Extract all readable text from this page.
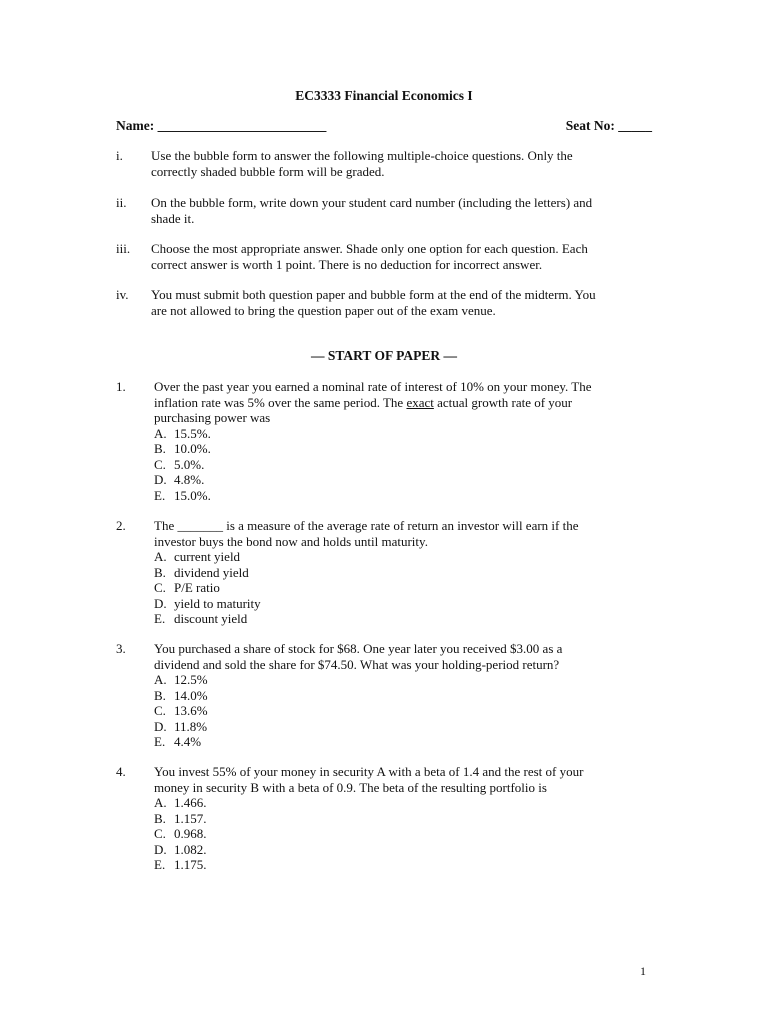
EC3333 Financial Economics I
Name: _________________________	Seat No: _____
i. Use the bubble form to answer the following multiple-choice questions. Only the
correctly shaded bubble form will be graded.
ii. On the bubble form, write down your student card number (including the letters) and
shade it.
iii. Choose the most appropriate answer. Shade only one option for each question. Each
correct answer is worth 1 point. There is no deduction for incorrect answer.
iv. You must submit both question paper and bubble form at the end of the midterm. You
are not allowed to bring the question paper out of the exam venue.
— START OF PAPER —
1. Over the past year you earned a nominal rate of interest of 10% on your money. The
inflation rate was 5% over the same period. The exact actual growth rate of your
purchasing power was
A. 15.5%.
B. 10.0%.
C. 5.0%.
D. 4.8%.
E. 15.0%.
2. The _______ is a measure of the average rate of return an investor will earn if the
investor buys the bond now and holds until maturity.
A. current yield
B. dividend yield
C. P/E ratio
D. yield to maturity
E. discount yield
3. You purchased a share of stock for $68. One year later you received $3.00 as a
dividend and sold the share for $74.50. What was your holding-period return?
A. 12.5%
B. 14.0%
C. 13.6%
D. 11.8%
E. 4.4%
4. You invest 55% of your money in security A with a beta of 1.4 and the rest of your
money in security B with a beta of 0.9. The beta of the resulting portfolio is
A. 1.466.
B. 1.157.
C. 0.968.
D. 1.082.
E. 1.175.
1
